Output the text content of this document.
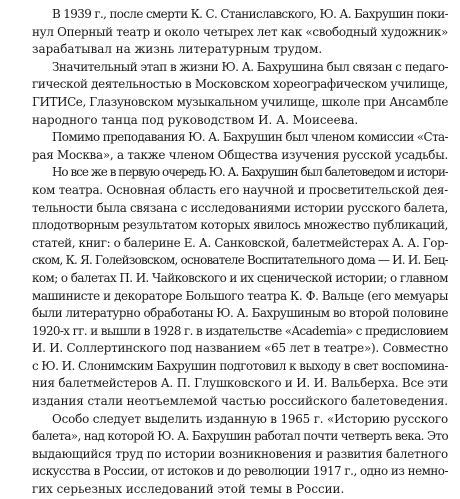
В 1939 г., после смерти К. С. Станиславского, Ю. А. Бахрушин поки-
нул Оперный театр и около четырех лет как «свободный художник»
зарабатывал на жизнь литературным трудом.
Значительный этап в жизни Ю. А. Бахрушина был связан с педаго-
гической деятельностью в Московском хореографическом училище,
ГИТИСе, Глазуновском музыкальном училище, школе при Ансамбле
народного танца под руководством И. А. Моисеева.
Помимо преподавания Ю. А. Бахрушин был членом комиссии «Ста-
рая Москва», а также членом Общества изучения русской усадьбы.
Но все же в первую очередь Ю. А. Бахрушин был балетоведом и истори-
ком театра. Основная область его научной и просветительской дея-
тельности была связана с исследованиями истории русского балета,
плодотворным результатом которых явилось множество публикаций,
статей, книг: о балерине Е. А. Санковской, балетмейстерах А. А. Гор-
ском, К. Я. Голейзовском, основателе Воспитательного дома — И. И. Бец-
ком; о балетах П. И. Чайковского и их сценической истории; о главном
машинисте и декораторе Большого театра К. Ф. Вальце (его мемуары
были литературно обработаны Ю. А. Бахрушиным во второй половине
1920-х гг. и вышли в 1928 г. в издательстве «Academia» с предисловием
И. И. Соллертинского под названием «65 лет в театре»). Совместно
с Ю. И. Слонимским Бахрушин подготовил к выходу в свет воспомина-
ния балетмейстеров А. П. Глушковского и И. И. Вальберха. Все эти
издания стали неотъемлемой частью российского балетоведения.
Особо следует выделить изданную в 1965 г. «Историю русского
балета», над которой Ю. А. Бахрушин работал почти четверть века. Это
выдающийся труд по истории возникновения и развития балетного
искусства в России, от истоков и до революции 1917 г., одно из немно-
гих серьезных исследований этой темы в России.
